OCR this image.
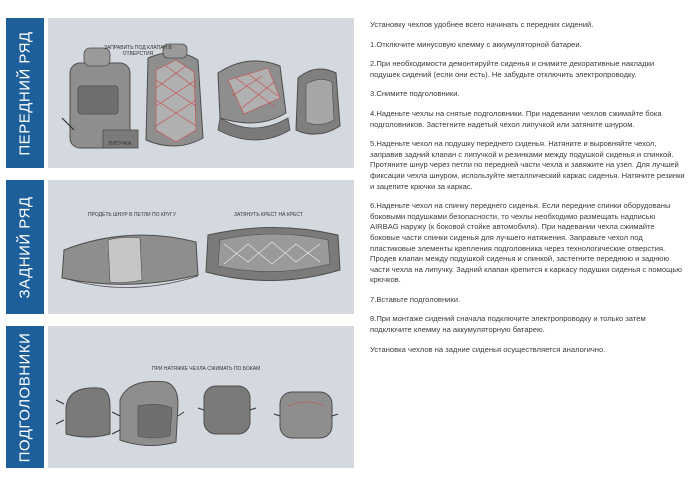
ПЕРЕДНИЙ РЯД
ЗАДНИЙ РЯД
ПОДГОЛОВНИКИ
ЗАПРАВИТЬ ПОД КЛАПАН В
ОТВЕРСТИЯ
ЛИПУЧКА
ПРОДЕТЬ ШНУР В ПЕТЛИ ПО КРУГУ	ЗАТЯНУТЬ КРЕСТ НА КРЕСТ
ПРИ НАТЯЖКЕ ЧЕХЛА СЖИМАТЬ ПО БОКАМ

Установку чехлов удобнее всего начинать с передних сидений.

1.Отключите минусовую клемму с аккумуляторной батареи.

2.При необходимости демонтируйте сиденья и снимите декоративные накладки подушек сидений (если они есть). Не забудьте отключить электропроводку.

3.Снимите подголовники.

4.Наденьте чехлы на снятые подголовники. При надевании чехлов сжимайте бока подголовников. Застегните надетый чехол липучкой или затяните шнуром.

5.Наденьте чехол на подушку переднего сиденья. Натяните и выровняйте чехол, заправив задний клапан с липучкой и резинками между подушкой сиденья и спинкой. Протяните шнур через петли по передней части чехла и завяжите на узел. Для лучшей фиксации чехла шнуром, используйте металлический каркас сиденья. Натяните резинки и зацепите крючки за каркас.

6.Наденьте чехол на спинку переднего сиденья. Если передние спинки оборудованы боковыми подушками безопасности, то чехлы необходимо размещать надписью AIRBAG наружу (к боковой стойке автомобиля). При надевании чехла сжимайте боковые части спинки сиденья для лучшего натяжения. Заправьте чехол под пластиковые элементы крепления подголовника через технологические отверстия. Продев клапан между подушкой сиденья и спинкой, застегните переднюю и заднюю части чехла на липучку. Задний клапан крепится к каркасу подушки сиденья с помощью крючков.

7.Вставьте подголовники.

8.При монтаже сидений сначала подключите электропроводку и только затем подключите клемму на аккумуляторную батарею.

Установка чехлов на задние сиденья осуществляется аналогично.
